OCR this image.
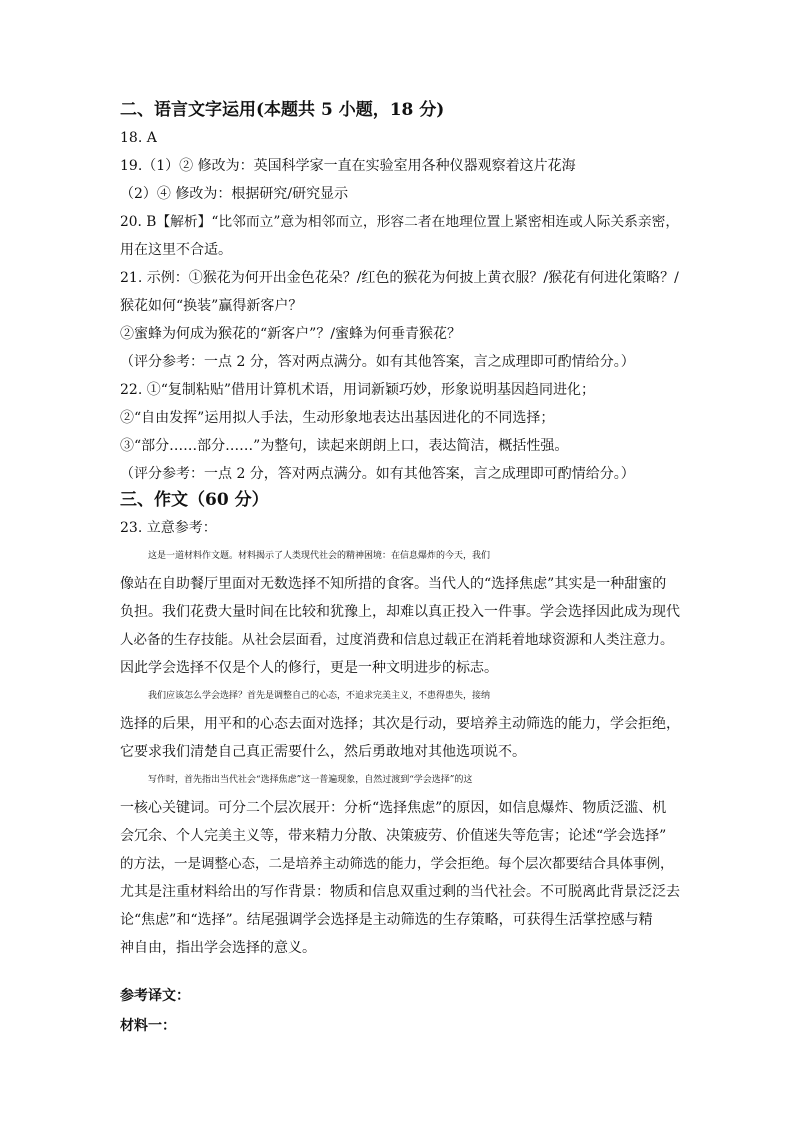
二、语言文字运用(本题共 5 小题，18 分)
18. A
19.（1）② 修改为：英国科学家一直在实验室用各种仪器观察着这片花海
（2）④ 修改为：根据研究/研究显示
20. B【解析】“比邻而立”意为相邻而立，形容二者在地理位置上紧密相连或人际关系亲密，
用在这里不合适。
21. 示例：①猴花为何开出金色花朵？/红色的猴花为何披上黄衣服？/猴花有何进化策略？/
猴花如何“换装”赢得新客户？
②蜜蜂为何成为猴花的“新客户”？/蜜蜂为何垂青猴花？
（评分参考：一点 2 分，答对两点满分。如有其他答案，言之成理即可酌情给分。）
22. ①“复制粘贴”借用计算机术语，用词新颖巧妙，形象说明基因趋同进化；
②“自由发挥”运用拟人手法，生动形象地表达出基因进化的不同选择；
③“部分……部分……”为整句，读起来朗朗上口，表达简洁，概括性强。
（评分参考：一点 2 分，答对两点满分。如有其他答案，言之成理即可酌情给分。）
三、作文（60 分）
23. 立意参考：
这是一道材料作文题。材料揭示了人类现代社会的精神困境：在信息爆炸的今天，我们
像站在自助餐厅里面对无数选择不知所措的食客。当代人的“选择焦虑”其实是一种甜蜜的
负担。我们花费大量时间在比较和犹豫上，却难以真正投入一件事。学会选择因此成为现代
人必备的生存技能。从社会层面看，过度消费和信息过载正在消耗着地球资源和人类注意力。
因此学会选择不仅是个人的修行，更是一种文明进步的标志。
我们应该怎么学会选择？首先是调整自己的心态，不追求完美主义，不患得患失，接纳
选择的后果，用平和的心态去面对选择；其次是行动，要培养主动筛选的能力，学会拒绝，
它要求我们清楚自己真正需要什么，然后勇敢地对其他选项说不。
写作时，首先指出当代社会“选择焦虑”这一普遍现象，自然过渡到“学会选择”的这
一核心关键词。可分二个层次展开：分析“选择焦虑”的原因，如信息爆炸、物质泛滥、机
会冗余、个人完美主义等，带来精力分散、决策疲劳、价值迷失等危害；论述“学会选择”
的方法，一是调整心态，二是培养主动筛选的能力，学会拒绝。每个层次都要结合具体事例，
尤其是注重材料给出的写作背景：物质和信息双重过剩的当代社会。不可脱离此背景泛泛去
论“焦虑”和“选择”。结尾强调学会选择是主动筛选的生存策略，可获得生活掌控感与精
神自由，指出学会选择的意义。
参考译文：
材料一：
